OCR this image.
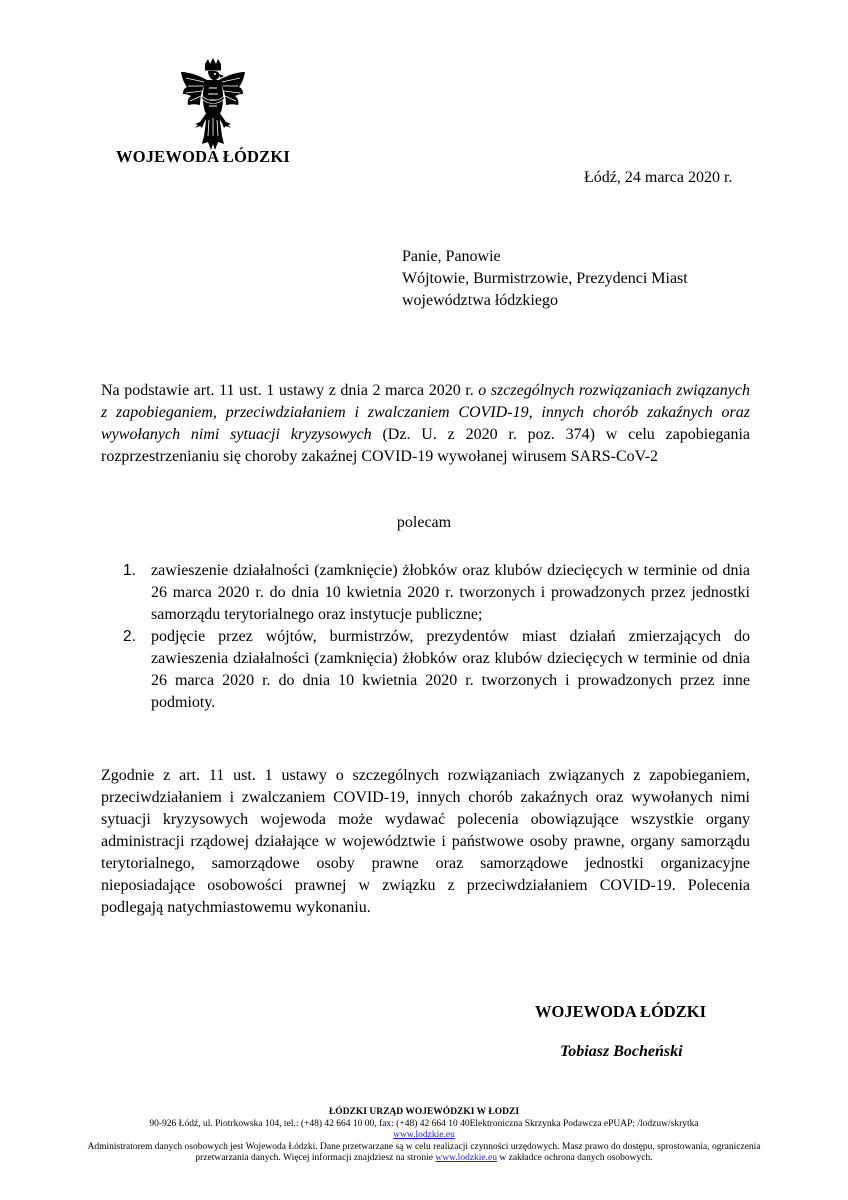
WOJEWODA ŁÓDZKI
Łódź, 24 marca 2020 r.
Panie, Panowie
Wójtowie, Burmistrzowie, Prezydenci Miast
województwa łódzkiego
Na podstawie art. 11 ust. 1 ustawy z dnia 2 marca 2020 r. o szczególnych rozwiązaniach związanych z zapobieganiem, przeciwdziałaniem i zwalczaniem COVID-19, innych chorób zakaźnych oraz wywołanych nimi sytuacji kryzysowych (Dz. U. z 2020 r. poz. 374) w celu zapobiegania rozprzestrzenianiu się choroby zakaźnej COVID-19 wywołanej wirusem SARS-CoV-2
polecam
1. zawieszenie działalności (zamknięcie) żłobków oraz klubów dziecięcych w terminie od dnia 26 marca 2020 r. do dnia 10 kwietnia 2020 r. tworzonych i prowadzonych przez jednostki samorządu terytorialnego oraz instytucje publiczne;
2. podjęcie przez wójtów, burmistrzów, prezydentów miast działań zmierzających do zawieszenia działalności (zamknięcia) żłobków oraz klubów dziecięcych w terminie od dnia 26 marca 2020 r. do dnia 10 kwietnia 2020 r. tworzonych i prowadzonych przez inne podmioty.
Zgodnie z art. 11 ust. 1 ustawy o szczególnych rozwiązaniach związanych z zapobieganiem, przeciwdziałaniem i zwalczaniem COVID-19, innych chorób zakaźnych oraz wywołanych nimi sytuacji kryzysowych wojewoda może wydawać polecenia obowiązujące wszystkie organy administracji rządowej działające w województwie i państwowe osoby prawne, organy samorządu terytorialnego, samorządowe osoby prawne oraz samorządowe jednostki organizacyjne nieposiadające osobowości prawnej w związku z przeciwdziałaniem COVID-19. Polecenia podlegają natychmiastowemu wykonaniu.
WOJEWODA ŁÓDZKI
Tobiasz Bocheński
ŁÓDZKI URZĄD WOJEWÓDZKI W ŁODZI
90-926 Łódź, ul. Piotrkowska 104, tel.: (+48) 42 664 10 00, fax: (+48) 42 664 10 40Elektroniczna Skrzynka Podawcza ePUAP: /lodzuw/skrytka
www.lodzkie.eu
Administratorem danych osobowych jest Wojewoda Łódzki. Dane przetwarzane są w celu realizacji czynności urzędowych. Masz prawo do dostępu, sprostowania, ograniczenia przetwarzania danych. Więcej informacji znajdziesz na stronie www.lodzkie.eu w zakładce ochrona danych osobowych.
